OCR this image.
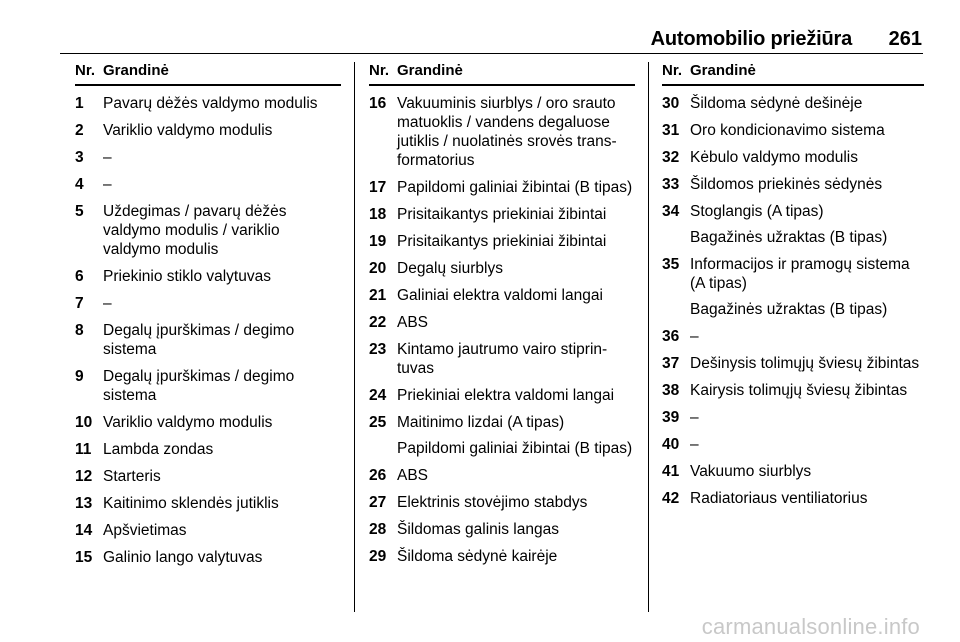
Automobilio priežiūra 261
Nr. Grandinė
1	Pavarų dėžės valdymo modulis
2	Variklio valdymo modulis
3	–
4	–
5	Uždegimas / pavarų dėžės valdymo modulis / variklio valdymo modulis
6	Priekinio stiklo valytuvas
7	–
8	Degalų įpurškimas / degimo sistema
9	Degalų įpurškimas / degimo sistema
10 Variklio valdymo modulis
11 Lambda zondas
12 Starteris
13 Kaitinimo sklendės jutiklis
14 Apšvietimas
15 Galinio lango valytuvas
Nr. Grandinė
16 Vakuuminis siurblys / oro srauto matuoklis / vandens degaluose jutiklis / nuolatinės srovės trans-formatorius
17 Papildomi galiniai žibintai (B tipas)
18 Prisitaikantys priekiniai žibintai
19 Prisitaikantys priekiniai žibintai
20 Degalų siurblys
21 Galiniai elektra valdomi langai
22 ABS
23 Kintamo jautrumo vairo stiprin-tuvas
24 Priekiniai elektra valdomi langai
25 Maitinimo lizdai (A tipas)
Papildomi galiniai žibintai (B tipas)
26 ABS
27 Elektrinis stovėjimo stabdys
28 Šildomas galinis langas
29 Šildoma sėdynė kairėje
Nr. Grandinė
30 Šildoma sėdynė dešinėje
31 Oro kondicionavimo sistema
32 Kėbulo valdymo modulis
33 Šildomos priekinės sėdynės
34 Stoglangis (A tipas)
Bagažinės užraktas (B tipas)
35 Informacijos ir pramogų sistema (A tipas)
Bagažinės užraktas (B tipas)
36 –
37 Dešinysis tolimųjų šviesų žibintas
38 Kairysis tolimųjų šviesų žibintas
39 –
40 –
41 Vakuumo siurblys
42 Radiatoriaus ventiliatorius
carmanualsonline.info
